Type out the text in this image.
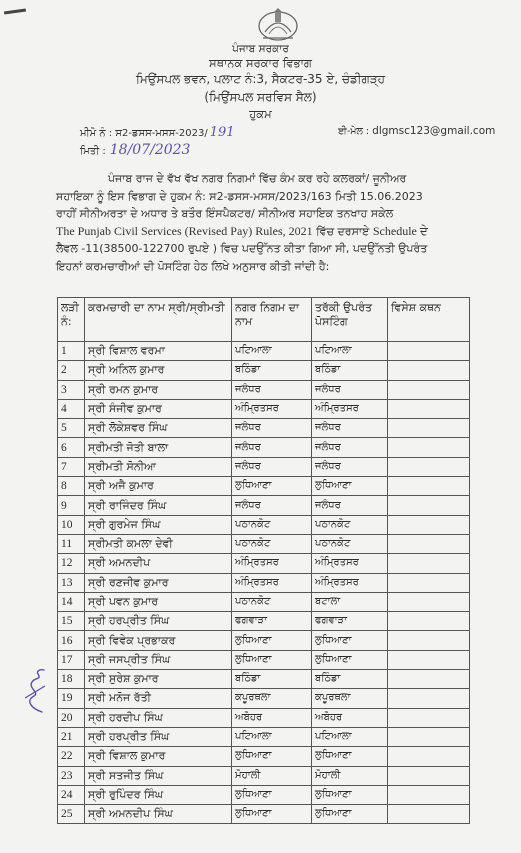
ਪੰਜਾਬ ਸਰਕਾਰ
ਸਥਾਨਕ ਸਰਕਾਰ ਵਿਭਾਗ
ਮਿਉਂਸਪਲ ਭਵਨ, ਪਲਾਟ ਨੰ:3, ਸੈਕਟਰ-35 ਏ, ਚੰਡੀਗੜ੍ਹ
(ਮਿਉਂਸਪਲ ਸਰਵਿਸ ਸੈਲ)
ਹੁਕਮ
ਮੀਮੋ ਨੰ : ਸ2-ਡਸਸ-ਮਸਸ-2023/ 191
ਮਿਤੀ : 18/07/2023
ਈ-ਮੇਲ : dlgmsc123@gmail.com
ਪੰਜਾਬ ਰਾਜ ਦੇ ਵੱਖ ਵੱਖ ਨਗਰ ਨਿਗਮਾਂ ਵਿੱਚ ਕੰਮ ਕਰ ਰਹੇ ਕਲਰਕਾਂ/ ਜੂਨੀਅਰ
ਸਹਾਇਕਾ ਨੂੰ ਇਸ ਵਿਭਾਗ ਦੇ ਹੁਕਮ ਨੰ: ਸ2-ਡਸਸ-ਮਸਸ/2023/163 ਮਿਤੀ 15.06.2023
ਰਾਹੀਂ ਸੀਨੀਅਰਤਾ ਦੇ ਅਧਾਰ ਤੇ ਬਤੌਰ ਇੰਸਪੈਕਟਰ/ ਸੀਨੀਅਰ ਸਹਾਇਕ ਤਨਖਾਹ ਸਕੇਲ
The Punjab Civil Services (Revised Pay) Rules, 2021 ਵਿੱਚ ਦਰਸਾਏ Schedule ਦੇ
ਲੈਵਲ -11(38500-122700 ਰੁਪਏ ) ਵਿਚ ਪਦਉੱਨਤ ਕੀਤਾ ਗਿਆ ਸੀ, ਪਦਉੱਨਤੀ ਉਪਰੰਤ
ਇਹਨਾਂ ਕਰਮਚਾਰੀਆਂ ਦੀ ਪੋਸਟਿੰਗ ਹੇਠ ਲਿਖੇ ਅਨੁਸਾਰ ਕੀਤੀ ਜਾਂਦੀ ਹੈ:
ਲੜੀ ਨੰ:	ਕਰਮਚਾਰੀ ਦਾ ਨਾਮ ਸ੍ਰੀ/ਸ੍ਰੀਮਤੀ	ਨਗਰ ਨਿਗਮ ਦਾ ਨਾਮ	ਤਰੱਕੀ ਉਪਰੰਤ ਪੋਸਟਿੰਗ	ਵਿਸੇਸ਼ ਕਥਨ
1	ਸ੍ਰੀ ਵਿਸ਼ਾਲ ਵਰਮਾ	ਪਟਿਆਲਾ	ਪਟਿਆਲਾ	
2	ਸ੍ਰੀ ਅਨਿਲ ਕੁਮਾਰ	ਬਠਿੰਡਾ	ਬਠਿੰਡਾ	
3	ਸ੍ਰੀ ਰਮਨ ਕੁਮਾਰ	ਜਲੰਧਰ	ਜਲੰਧਰ	
4	ਸ੍ਰੀ ਸੰਜੀਵ ਕੁਮਾਰ	ਅੰਮ੍ਰਿਤਸਰ	ਅੰਮ੍ਰਿਤਸਰ	
5	ਸ੍ਰੀ ਲੋਕੇਸ਼ਵਰ ਸਿੰਘ	ਜਲੰਧਰ	ਜਲੰਧਰ	
6	ਸ੍ਰੀਮਤੀ ਜੋਤੀ ਬਾਲਾ	ਜਲੰਧਰ	ਜਲੰਧਰ	
7	ਸ੍ਰੀਮਤੀ ਸੋਨੀਆ	ਜਲੰਧਰ	ਜਲੰਧਰ	
8	ਸ੍ਰੀ ਅਜੈ ਕੁਮਾਰ	ਲੁਧਿਆਣਾ	ਲੁਧਿਆਣਾ	
9	ਸ੍ਰੀ ਰਾਜਿੰਦਰ ਸਿੰਘ	ਜਲੰਧਰ	ਜਲੰਧਰ	
10	ਸ੍ਰੀ ਗੁਰਮੇਜ ਸਿੰਘ	ਪਠਾਨਕੋਟ	ਪਠਾਨਕੋਟ	
11	ਸ੍ਰੀਮਤੀ ਕਮਲਾ ਦੇਵੀ	ਪਠਾਨਕੋਟ	ਪਠਾਨਕੋਟ	
12	ਸ੍ਰੀ ਅਮਨਦੀਪ	ਅੰਮ੍ਰਿਤਸਰ	ਅੰਮ੍ਰਿਤਸਰ	
13	ਸ੍ਰੀ ਰਣਜੀਵ ਕੁਮਾਰ	ਅੰਮ੍ਰਿਤਸਰ	ਅੰਮ੍ਰਿਤਸਰ	
14	ਸ੍ਰੀ ਪਵਨ ਕੁਮਾਰ	ਪਠਾਨਕੋਟ	ਬਟਾਲਾ	
15	ਸ੍ਰੀ ਹਰਪ੍ਰੀਤ ਸਿੰਘ	ਫਗਵਾੜਾ	ਫਗਵਾੜਾ	
16	ਸ੍ਰੀ ਵਿਵੇਕ ਪ੍ਰਭਾਕਰ	ਲੁਧਿਆਣਾ	ਲੁਧਿਆਣਾ	
17	ਸ੍ਰੀ ਜਸਪ੍ਰੀਤ ਸਿੰਘ	ਲੁਧਿਆਣਾ	ਲੁਧਿਆਣਾ	
18	ਸ੍ਰੀ ਸੁਰੇਸ਼ ਕੁਮਾਰ	ਬਠਿੰਡਾ	ਬਠਿੰਡਾ	
19	ਸ੍ਰੀ ਮਨੋਜ ਰੱਤੀ	ਕਪੂਰਥਲਾ	ਕਪੂਰਥਲਾ	
20	ਸ੍ਰੀ ਹਰਦੀਪ ਸਿੰਘ	ਅਬੋਹਰ	ਅਬੋਹਰ	
21	ਸ੍ਰੀ ਹਰਪ੍ਰੀਤ ਸਿੰਘ	ਪਟਿਆਲਾ	ਪਟਿਆਲਾ	
22	ਸ੍ਰੀ ਵਿਸ਼ਾਲ ਕੁਮਾਰ	ਲੁਧਿਆਣਾ	ਲੁਧਿਆਣਾ	
23	ਸ੍ਰੀ ਸਤਜੀਤ ਸਿੰਘ	ਮੋਹਾਲੀ	ਮੋਹਾਲੀ	
24	ਸ੍ਰੀ ਰੁਪਿੰਦਰ ਸਿੰਘ	ਲੁਧਿਆਣਾ	ਲੁਧਿਆਣਾ	
25	ਸ੍ਰੀ ਅਮਨਦੀਪ ਸਿੰਘ	ਲੁਧਿਆਣਾ	ਲੁਧਿਆਣਾ	
